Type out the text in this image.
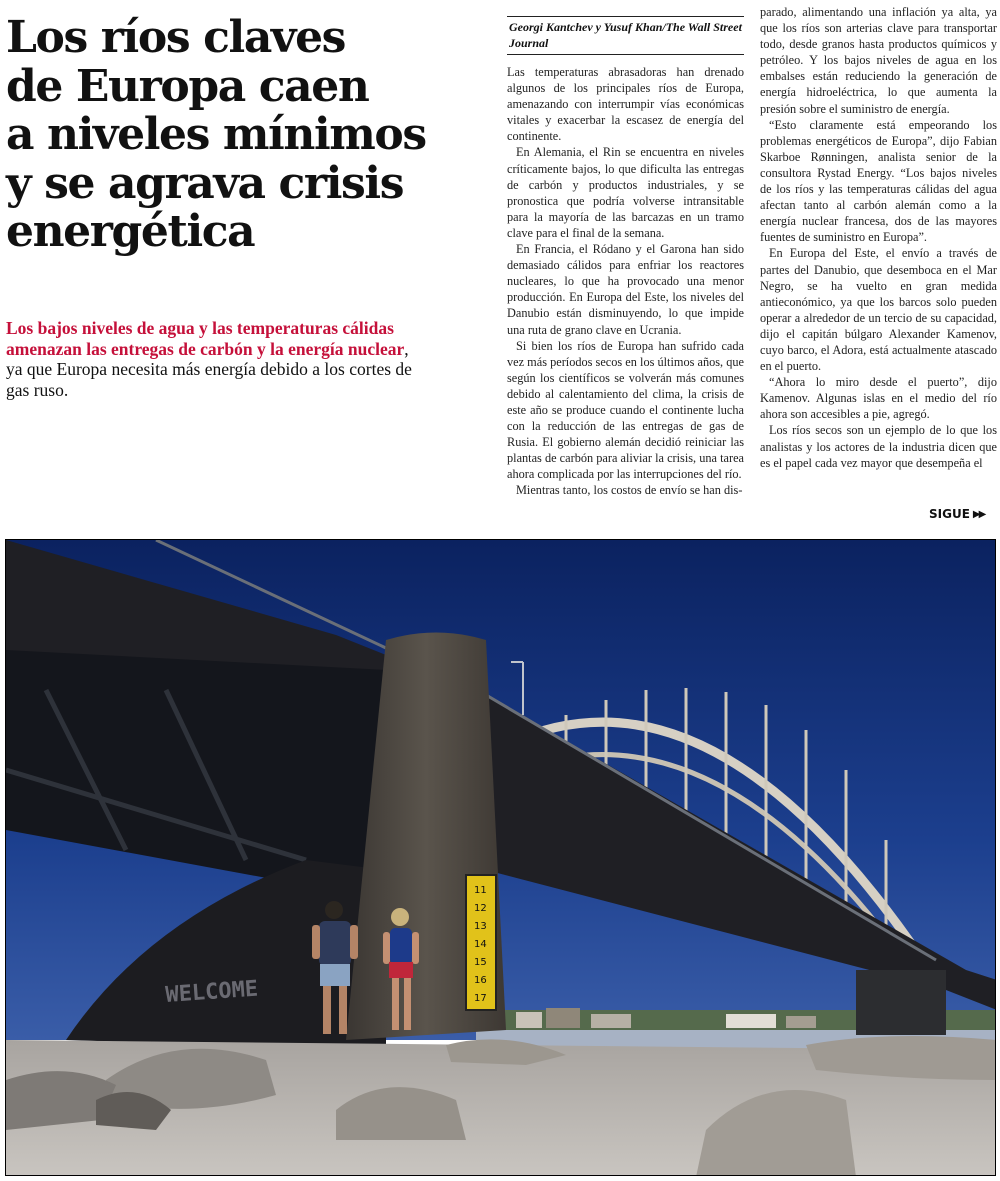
Los ríos claves
de Europa caen
a niveles mínimos
y se agrava crisis
energética

Los bajos niveles de agua y las temperaturas cálidas amenazan las entregas de carbón y la energía nuclear, ya que Europa necesita más energía debido a los cortes de gas ruso.

Georgi Kantchev y Yusuf Khan/The Wall Street Journal

Las temperaturas abrasadoras han drenado algunos de los principales ríos de Europa, amenazando con interrumpir vías económicas vitales y exacerbar la escasez de energía del continente.

En Alemania, el Rin se encuentra en niveles críticamente bajos, lo que dificulta las entregas de carbón y productos industriales, y se pronostica que podría volverse intransitable para la mayoría de las barcazas en un tramo clave para el final de la semana.

En Francia, el Ródano y el Garona han sido demasiado cálidos para enfriar los reactores nucleares, lo que ha provocado una menor producción. En Europa del Este, los niveles del Danubio están disminuyendo, lo que impide una ruta de grano clave en Ucrania.

Si bien los ríos de Europa han sufrido cada vez más períodos secos en los últimos años, que según los científicos se volverán más comunes debido al calentamiento del clima, la crisis de este año se produce cuando el continente lucha con la reducción de las entregas de gas de Rusia. El gobierno alemán decidió reiniciar las plantas de carbón para aliviar la crisis, una tarea ahora complicada por las interrupciones del río.

Mientras tanto, los costos de envío se han dis-

parado, alimentando una inflación ya alta, ya que los ríos son arterias clave para transportar todo, desde granos hasta productos químicos y petróleo. Y los bajos niveles de agua en los embalses están reduciendo la generación de energía hidroeléctrica, lo que aumenta la presión sobre el suministro de energía.

“Esto claramente está empeorando los problemas energéticos de Europa”, dijo Fabian Skarboe Rønningen, analista senior de la consultora Rystad Energy. “Los bajos niveles de los ríos y las temperaturas cálidas del agua afectan tanto al carbón alemán como a la energía nuclear francesa, dos de las mayores fuentes de suministro en Europa”.

En Europa del Este, el envío a través de partes del Danubio, que desemboca en el Mar Negro, se ha vuelto en gran medida antieconómico, ya que los barcos solo pueden operar a alrededor de un tercio de su capacidad, dijo el capitán búlgaro Alexander Kamenov, cuyo barco, el Adora, está actualmente atascado en el puerto.

“Ahora lo miro desde el puerto”, dijo Kamenov. Algunas islas en el medio del río ahora son accesibles a pie, agregó.

Los ríos secos son un ejemplo de lo que los analistas y los actores de la industria dicen que es el papel cada vez mayor que desempeña el

SIGUE ▶▶
11
12
13
14
15
16
17
WELCOME
